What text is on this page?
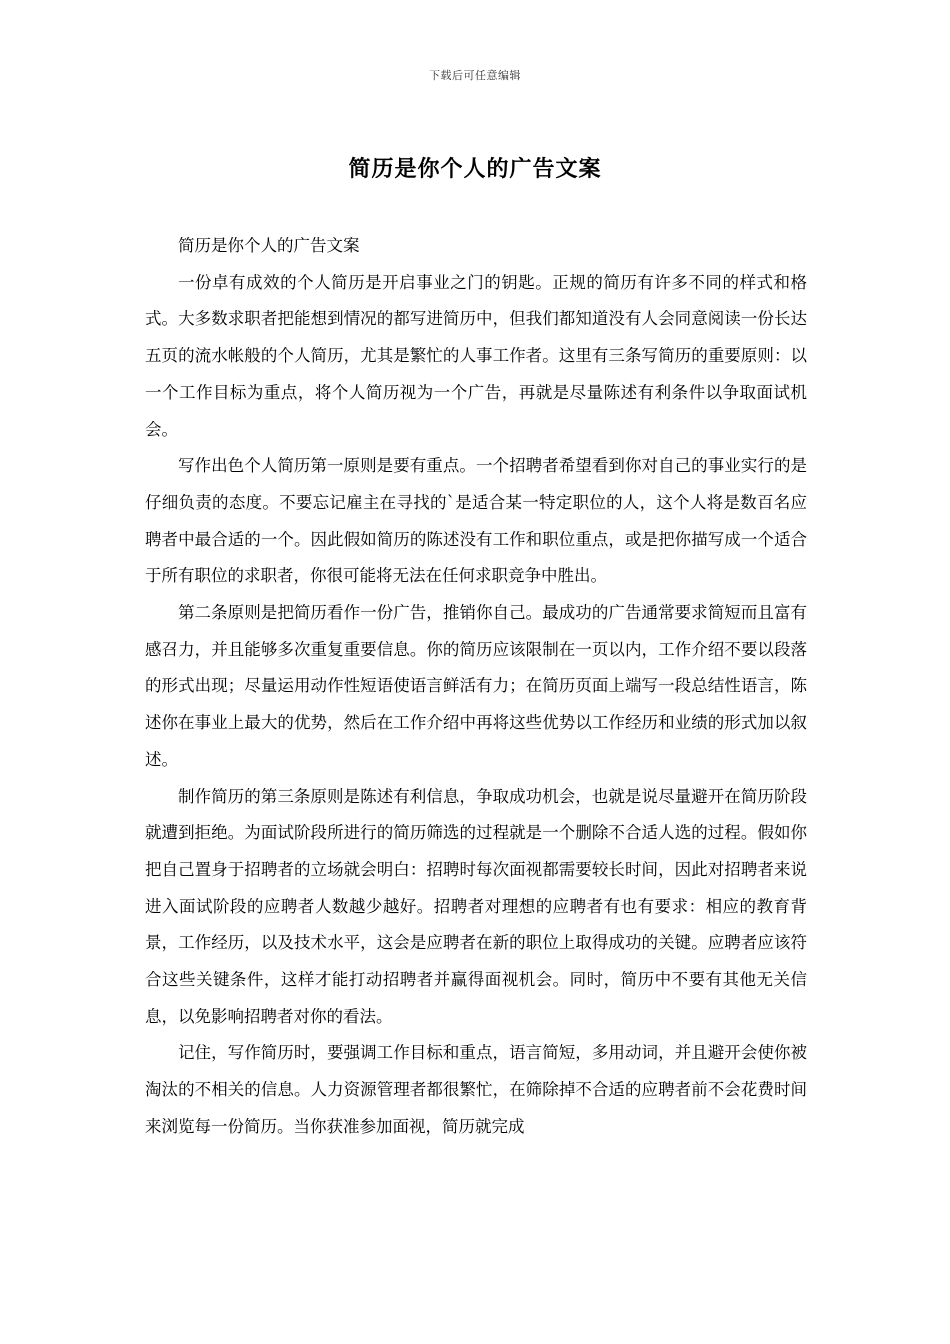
下载后可任意编辑
简历是你个人的广告文案

简历是你个人的广告文案

一份卓有成效的个人简历是开启事业之门的钥匙。正规的简历有许多不同的样式和格式。大多数求职者把能想到情况的都写进简历中，但我们都知道没有人会同意阅读一份长达五页的流水帐般的个人简历，尤其是繁忙的人事工作者。这里有三条写简历的重要原则：以一个工作目标为重点，将个人简历视为一个广告，再就是尽量陈述有利条件以争取面试机会。

写作出色个人简历第一原则是要有重点。一个招聘者希望看到你对自己的事业实行的是仔细负责的态度。不要忘记雇主在寻找的`是适合某一特定职位的人，这个人将是数百名应聘者中最合适的一个。因此假如简历的陈述没有工作和职位重点，或是把你描写成一个适合于所有职位的求职者，你很可能将无法在任何求职竞争中胜出。

第二条原则是把简历看作一份广告，推销你自己。最成功的广告通常要求简短而且富有感召力，并且能够多次重复重要信息。你的简历应该限制在一页以内，工作介绍不要以段落的形式出现；尽量运用动作性短语使语言鲜活有力；在简历页面上端写一段总结性语言，陈述你在事业上最大的优势，然后在工作介绍中再将这些优势以工作经历和业绩的形式加以叙述。

制作简历的第三条原则是陈述有利信息，争取成功机会，也就是说尽量避开在简历阶段就遭到拒绝。为面试阶段所进行的简历筛选的过程就是一个删除不合适人选的过程。假如你把自己置身于招聘者的立场就会明白：招聘时每次面视都需要较长时间，因此对招聘者来说进入面试阶段的应聘者人数越少越好。招聘者对理想的应聘者有也有要求：相应的教育背景，工作经历，以及技术水平，这会是应聘者在新的职位上取得成功的关键。应聘者应该符合这些关键条件，这样才能打动招聘者并赢得面视机会。同时，简历中不要有其他无关信息，以免影响招聘者对你的看法。

记住，写作简历时，要强调工作目标和重点，语言简短，多用动词，并且避开会使你被淘汰的不相关的信息。人力资源管理者都很繁忙，在筛除掉不合适的应聘者前不会花费时间来浏览每一份简历。当你获准参加面视，简历就完成
